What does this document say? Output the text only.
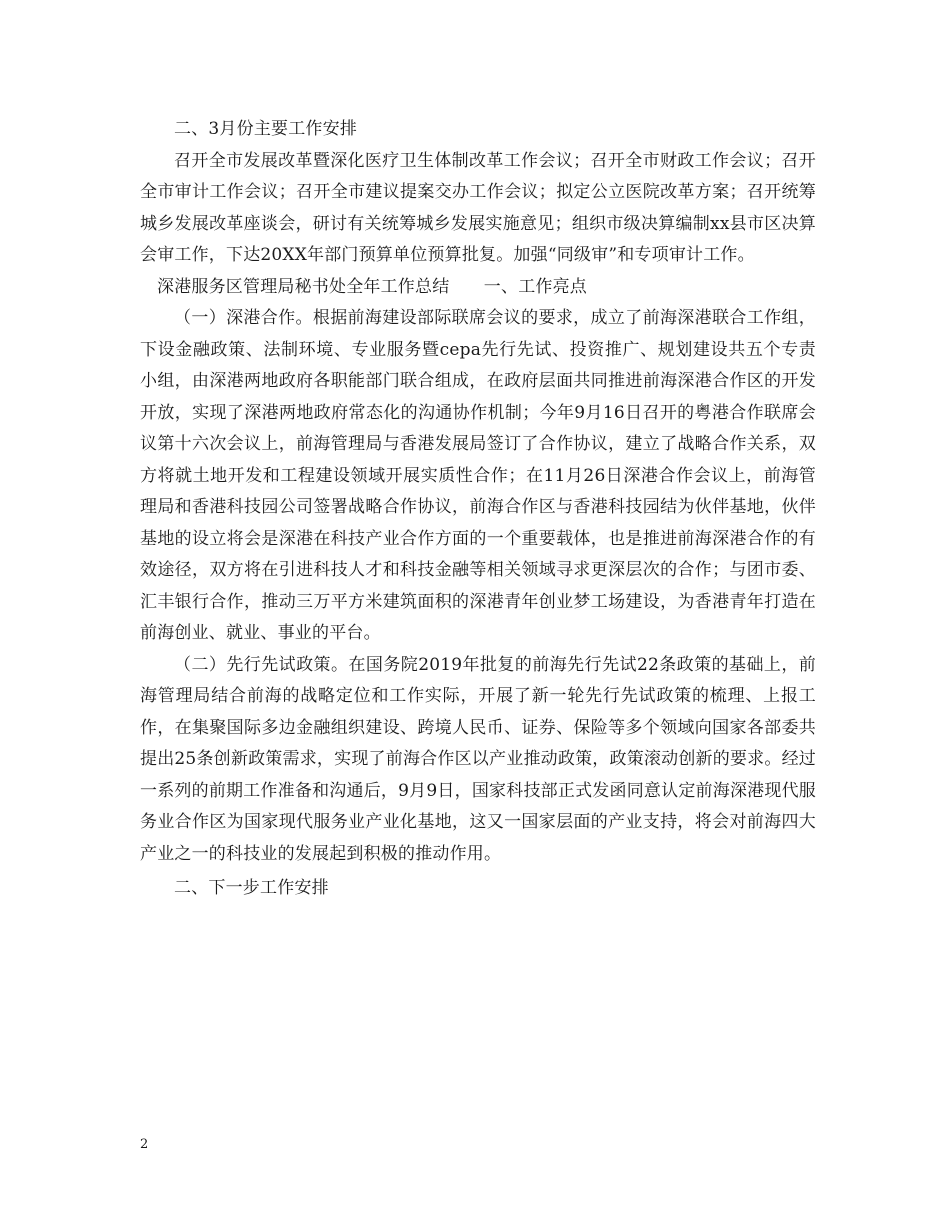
二、3月份主要工作安排

召开全市发展改革暨深化医疗卫生体制改革工作会议；召开全市财政工作会议；召开全市审计工作会议；召开全市建议提案交办工作会议；拟定公立医院改革方案；召开统筹城乡发展改革座谈会，研讨有关统筹城乡发展实施意见；组织市级决算编制xx县市区决算会审工作，下达20XX年部门预算单位预算批复。加强“同级审”和专项审计工作。

深港服务区管理局秘书处全年工作总结　　一、工作亮点

（一）深港合作。根据前海建设部际联席会议的要求，成立了前海深港联合工作组，下设金融政策、法制环境、专业服务暨cepa先行先试、投资推广、规划建设共五个专责小组，由深港两地政府各职能部门联合组成，在政府层面共同推进前海深港合作区的开发开放，实现了深港两地政府常态化的沟通协作机制；今年9月16日召开的粤港合作联席会议第十六次会议上，前海管理局与香港发展局签订了合作协议，建立了战略合作关系，双方将就土地开发和工程建设领域开展实质性合作；在11月26日深港合作会议上，前海管理局和香港科技园公司签署战略合作协议，前海合作区与香港科技园结为伙伴基地，伙伴基地的设立将会是深港在科技产业合作方面的一个重要载体，也是推进前海深港合作的有效途径，双方将在引进科技人才和科技金融等相关领域寻求更深层次的合作；与团市委、汇丰银行合作，推动三万平方米建筑面积的深港青年创业梦工场建设，为香港青年打造在前海创业、就业、事业的平台。

（二）先行先试政策。在国务院2019年批复的前海先行先试22条政策的基础上，前海管理局结合前海的战略定位和工作实际，开展了新一轮先行先试政策的梳理、上报工作，在集聚国际多边金融组织建设、跨境人民币、证券、保险等多个领域向国家各部委共提出25条创新政策需求，实现了前海合作区以产业推动政策，政策滚动创新的要求。经过一系列的前期工作准备和沟通后，9月9日，国家科技部正式发函同意认定前海深港现代服务业合作区为国家现代服务业产业化基地，这又一国家层面的产业支持，将会对前海四大产业之一的科技业的发展起到积极的推动作用。

二、下一步工作安排

2
